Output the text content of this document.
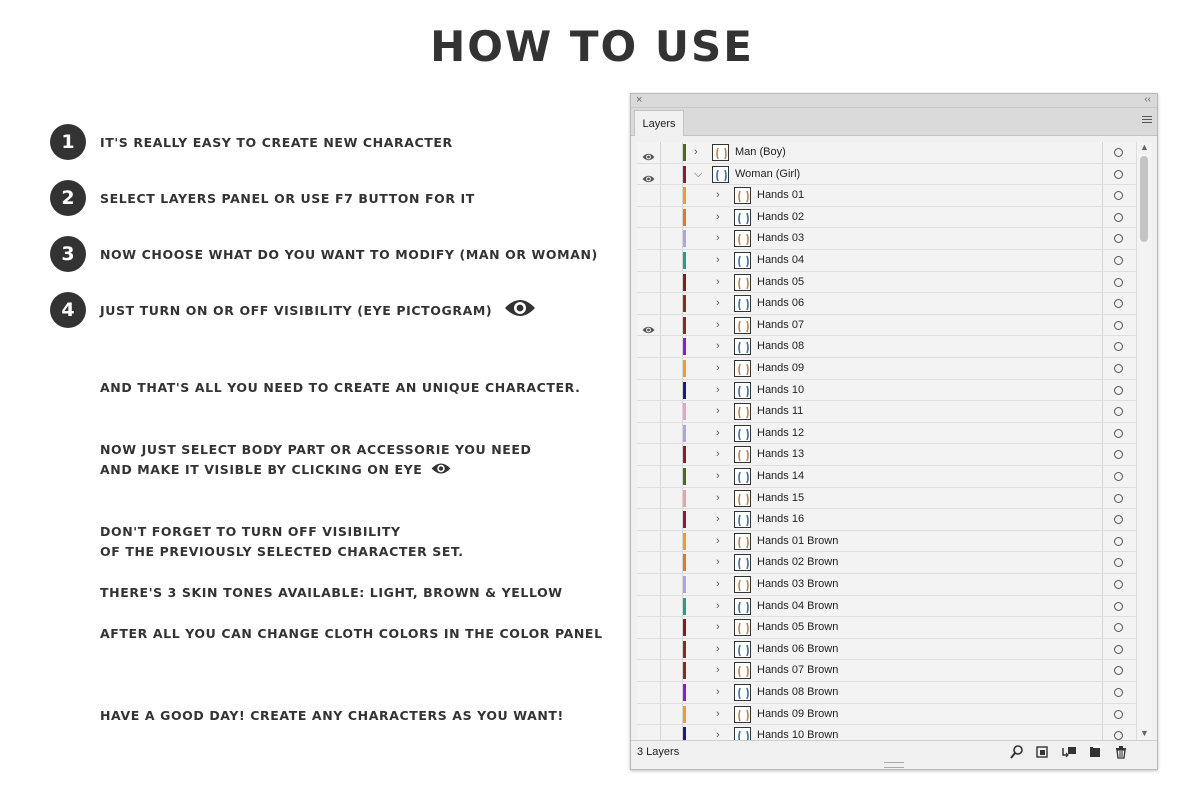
HOW TO USE
1	IT'S REALLY EASY TO CREATE NEW CHARACTER
2	SELECT LAYERS PANEL OR USE F7 BUTTON FOR IT
3	NOW CHOOSE WHAT DO YOU WANT TO MODIFY (MAN OR WOMAN)
4	JUST TURN ON OR OFF VISIBILITY (EYE PICTOGRAM)
AND THAT'S ALL YOU NEED TO CREATE AN UNIQUE CHARACTER.
NOW JUST SELECT BODY PART OR ACCESSORIE YOU NEED
AND MAKE IT VISIBLE BY CLICKING ON EYE
DON'T FORGET TO TURN OFF VISIBILITY
OF THE PREVIOUSLY SELECTED CHARACTER SET.
THERE'S 3 SKIN TONES AVAILABLE: LIGHT, BROWN & YELLOW
AFTER ALL YOU CAN CHANGE CLOTH COLORS IN THE COLOR PANEL
HAVE A GOOD DAY! CREATE ANY CHARACTERS AS YOU WANT!
×	‹‹
Layers
›	Man (Boy)
⌵	Woman (Girl)
›	Hands 01
›	Hands 02
›	Hands 03
›	Hands 04
›	Hands 05
›	Hands 06
›	Hands 07
›	Hands 08
›	Hands 09
›	Hands 10
›	Hands 11
›	Hands 12
›	Hands 13
›	Hands 14
›	Hands 15
›	Hands 16
›	Hands 01 Brown
›	Hands 02 Brown
›	Hands 03 Brown
›	Hands 04 Brown
›	Hands 05 Brown
›	Hands 06 Brown
›	Hands 07 Brown
›	Hands 08 Brown
›	Hands 09 Brown
›	Hands 10 Brown
▲
▼
3 Layers
